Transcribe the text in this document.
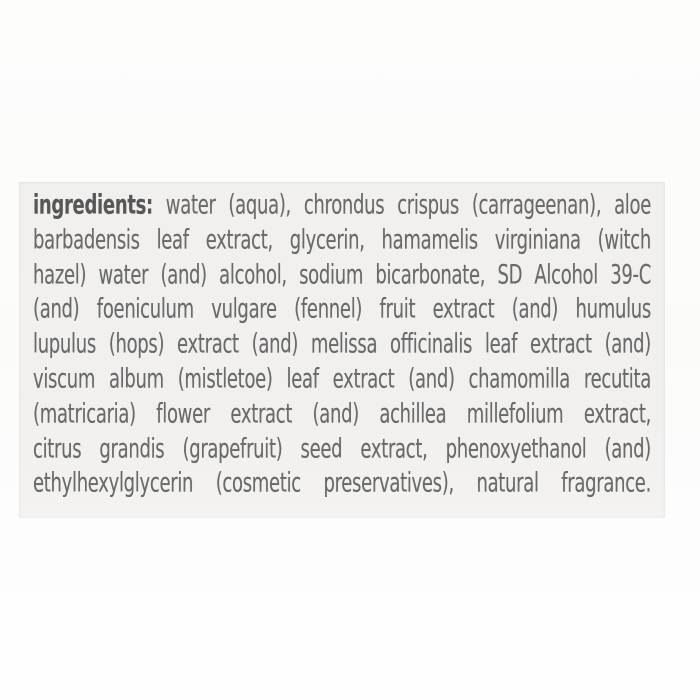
ingredients: water (aqua), chrondus crispus (carrageenan), aloe
barbadensis leaf extract, glycerin, hamamelis virginiana (witch
hazel) water (and) alcohol, sodium bicarbonate, SD Alcohol 39-C
(and) foeniculum vulgare (fennel) fruit extract (and) humulus
lupulus (hops) extract (and) melissa officinalis leaf extract (and)
viscum album (mistletoe) leaf extract (and) chamomilla recutita
(matricaria) flower extract (and) achillea millefolium extract,
citrus grandis (grapefruit) seed extract, phenoxyethanol (and)
ethylhexylglycerin (cosmetic preservatives), natural fragrance.
